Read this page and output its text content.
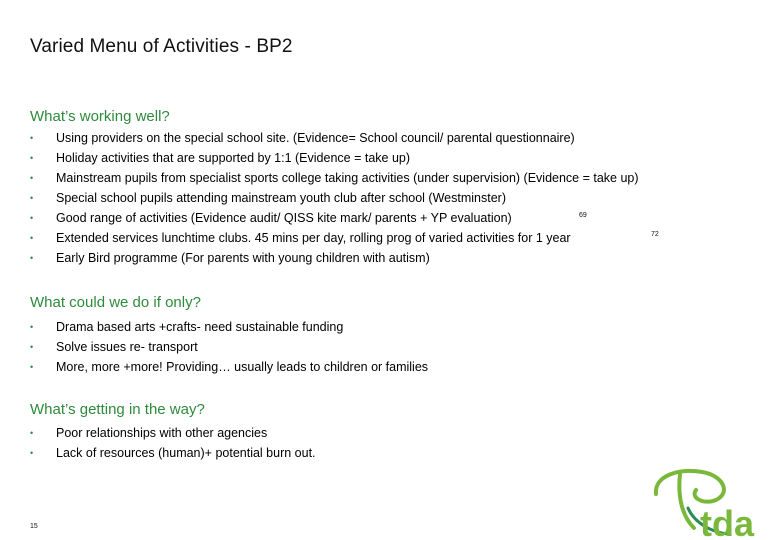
Varied Menu of Activities - BP2
What’s working well?
•	Using providers on the special school site. (Evidence= School council/ parental questionnaire)
•	Holiday activities that are supported by 1:1 (Evidence = take up)
•	Mainstream pupils from specialist sports college taking activities (under supervision) (Evidence = take up)
•	Special school pupils attending mainstream youth club after school (Westminster)
•	Good range of activities (Evidence audit/ QISS kite mark/ parents + YP evaluation)
•	Extended services lunchtime clubs. 45 mins per day, rolling prog of varied activities for 1 year
•	Early Bird programme (For parents with young children with autism)
69
72
What could we do if only?
•	Drama based arts +crafts- need sustainable funding
•	Solve issues re- transport
•	More, more +more! Providing… usually leads to children or families
What’s getting in the way?
•	Poor relationships with other agencies
•	Lack of resources (human)+ potential burn out.
15	tda
